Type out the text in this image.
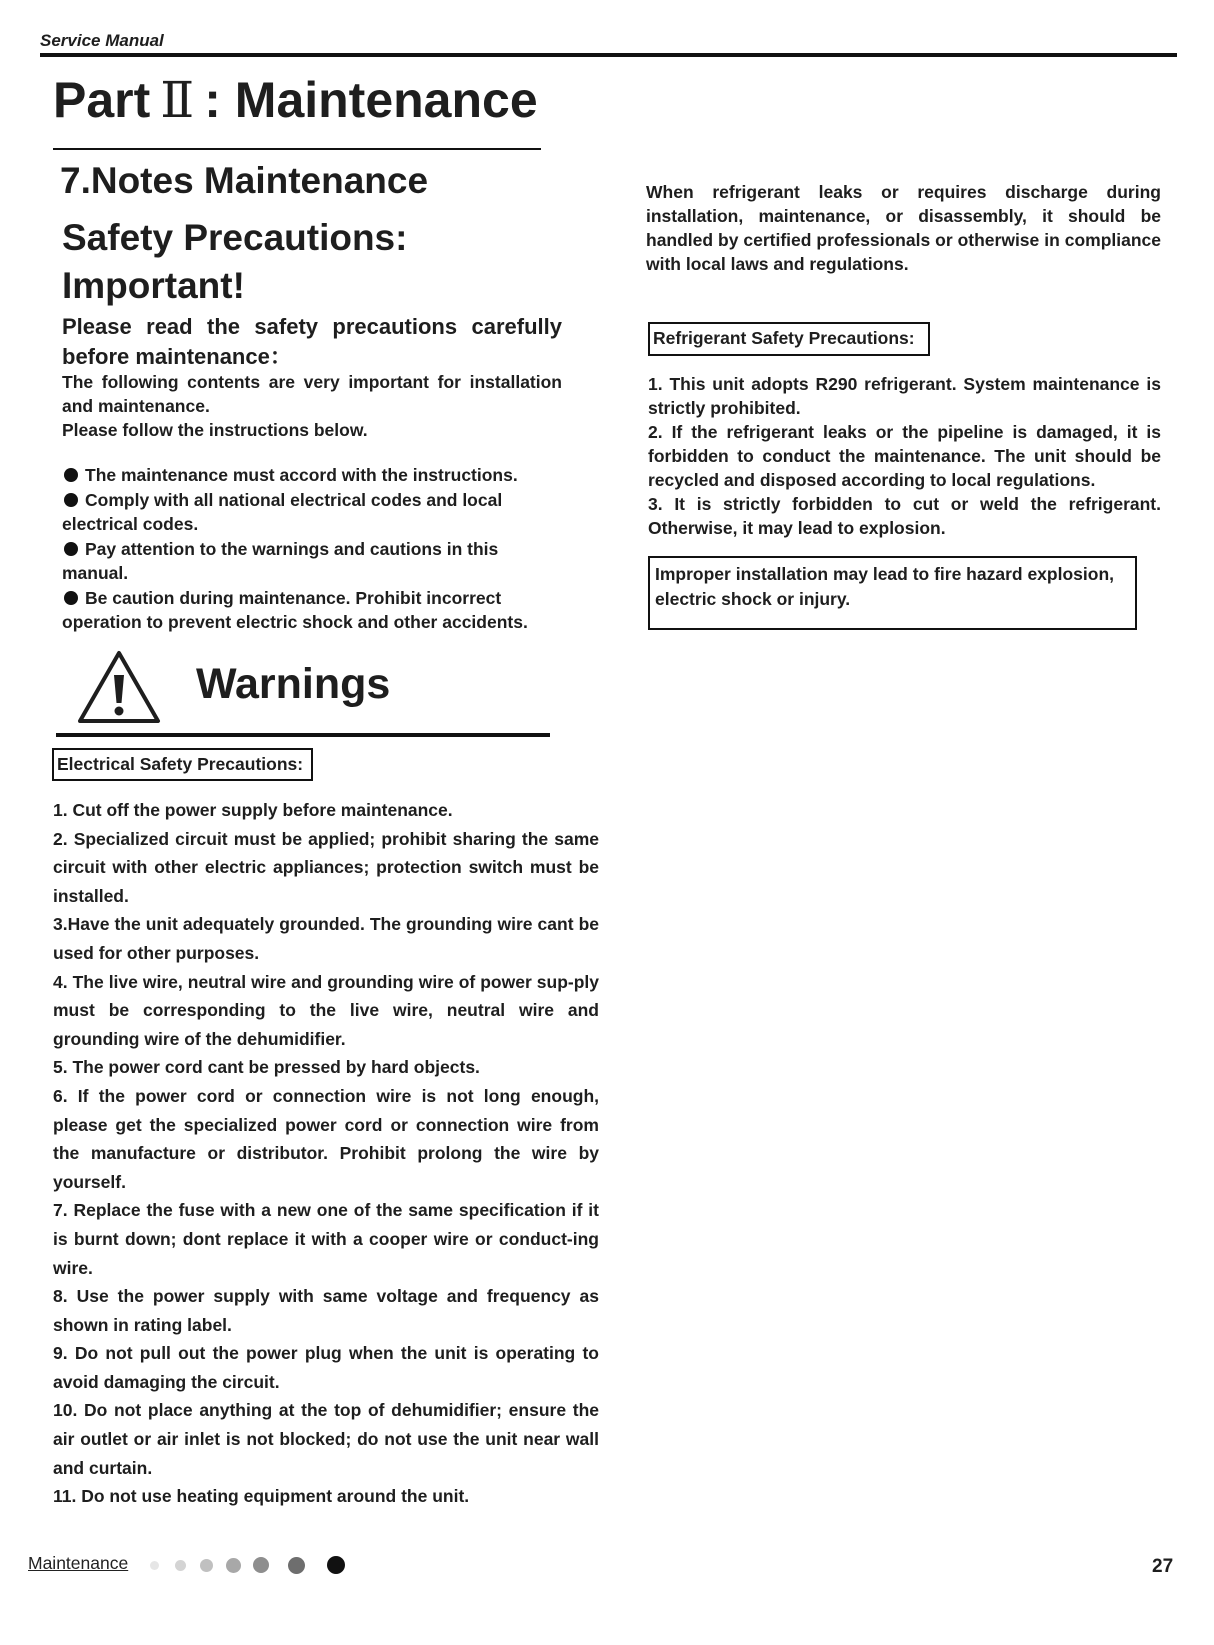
Service Manual
Part Ⅱ : Maintenance
7.Notes Maintenance
Safety Precautions:
Important!
Please read the safety precautions carefully
before maintenance：
The following contents are very important for installation and maintenance.
Please follow the instructions below.

The maintenance must accord with the instructions.

Comply with all national electrical codes and local electrical codes.

Pay attention to the warnings and cautions in this manual.

Be caution during maintenance. Prohibit incorrect operation to prevent electric shock and other accidents.

Warnings
Electrical Safety Precautions:

1. Cut off the power supply before maintenance.

2. Specialized circuit must be applied; prohibit sharing the same circuit with other electric appliances; protection switch must be installed.

3.Have the unit adequately grounded. The grounding wire cant be used for other purposes.

4. The live wire, neutral wire and grounding wire of power sup-ply must be corresponding to the live wire, neutral wire and grounding wire of the dehumidifier.

5. The power cord cant be pressed by hard objects.

6. If the power cord or connection wire is not long enough, please get the specialized power cord or connection wire from the manufacture or distributor. Prohibit prolong the wire by yourself.

7. Replace the fuse with a new one of the same specification if it is burnt down; dont replace it with a cooper wire or conduct-ing wire.

8. Use the power supply with same voltage and frequency as shown in rating label.

9. Do not pull out the power plug when the unit is operating to avoid damaging the circuit.

10. Do not place anything at the top of dehumidifier; ensure the air outlet or air inlet is not blocked; do not use the unit near wall and curtain.

11. Do not use heating equipment around the unit.

When refrigerant leaks or requires discharge during installation, maintenance, or disassembly, it should be handled by certified professionals or otherwise in compliance with local laws and regulations.
Refrigerant Safety Precautions:

1. This unit adopts R290 refrigerant. System maintenance is strictly prohibited.

2. If the refrigerant leaks or the pipeline is damaged, it is forbidden to conduct the maintenance. The unit should be recycled and disposed according to local regulations.

3. It is strictly forbidden to cut or weld the refrigerant. Otherwise, it may lead to explosion.

Improper installation may lead to fire hazard explosion, electric shock or injury.
Maintenance	27
